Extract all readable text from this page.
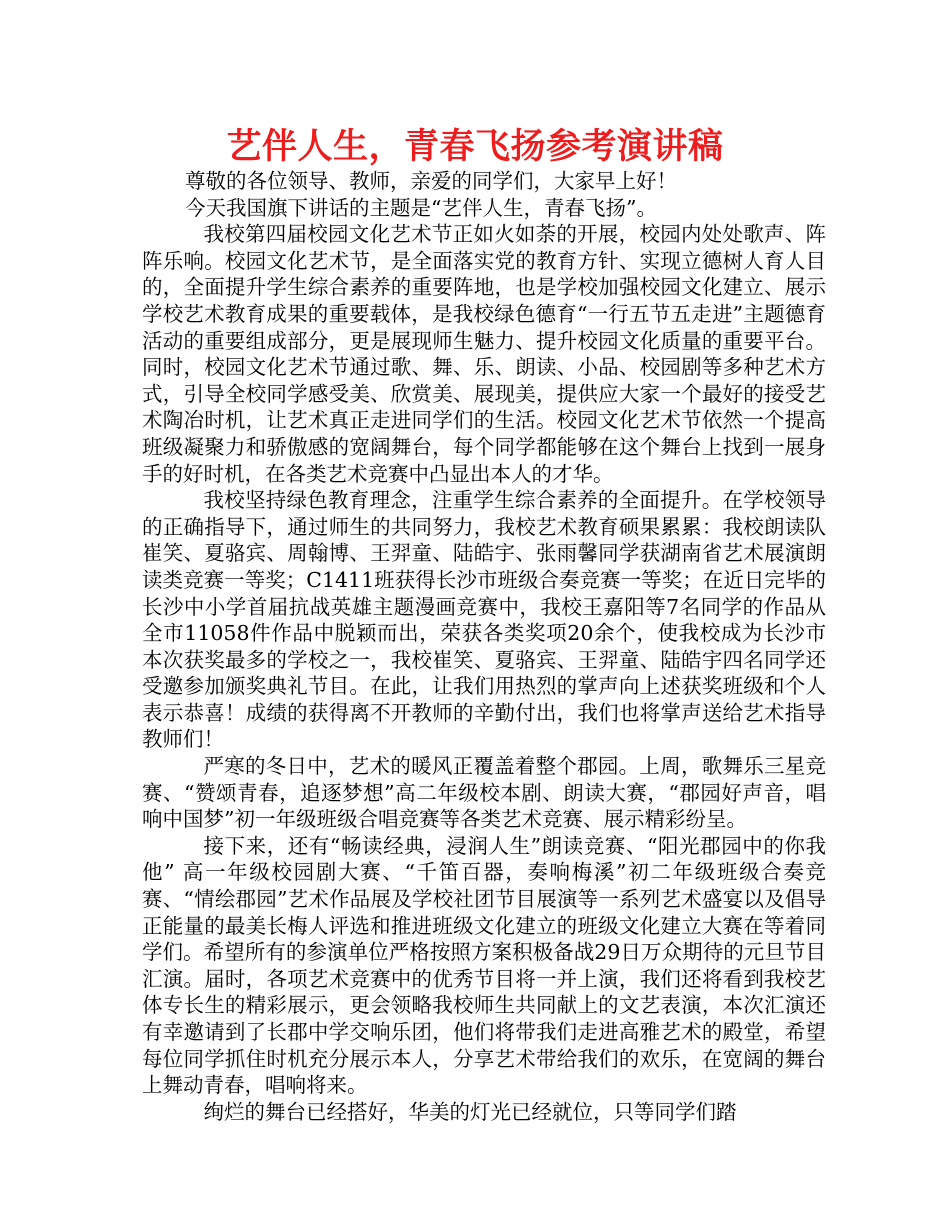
艺伴人生，青春飞扬参考演讲稿

尊敬的各位领导、教师，亲爱的同学们，大家早上好！

今天我国旗下讲话的主题是“艺伴人生，青春飞扬”。

我校第四届校园文化艺术节正如火如荼的开展，校园内处处歌声、阵阵乐响。校园文化艺术节，是全面落实党的教育方针、实现立德树人育人目的，全面提升学生综合素养的重要阵地，也是学校加强校园文化建立、展示学校艺术教育成果的重要载体，是我校绿色德育“一行五节五走进”主题德育活动的重要组成部分，更是展现师生魅力、提升校园文化质量的重要平台。同时，校园文化艺术节通过歌、舞、乐、朗读、小品、校园剧等多种艺术方式，引导全校同学感受美、欣赏美、展现美，提供应大家一个最好的接受艺术陶冶时机，让艺术真正走进同学们的生活。校园文化艺术节依然一个提高班级凝聚力和骄傲感的宽阔舞台，每个同学都能够在这个舞台上找到一展身手的好时机，在各类艺术竞赛中凸显出本人的才华。

我校坚持绿色教育理念，注重学生综合素养的全面提升。在学校领导的正确指导下，通过师生的共同努力，我校艺术教育硕果累累：我校朗读队崔笑、夏骆宾、周翰博、王羿童、陆皓宇、张雨馨同学获湖南省艺术展演朗读类竞赛一等奖；C1411班获得长沙市班级合奏竞赛一等奖；在近日完毕的长沙中小学首届抗战英雄主题漫画竞赛中，我校王嘉阳等7名同学的作品从全市11058件作品中脱颖而出，荣获各类奖项20余个，使我校成为长沙市本次获奖最多的学校之一，我校崔笑、夏骆宾、王羿童、陆皓宇四名同学还受邀参加颁奖典礼节目。在此，让我们用热烈的掌声向上述获奖班级和个人表示恭喜！成绩的获得离不开教师的辛勤付出，我们也将掌声送给艺术指导教师们！

严寒的冬日中，艺术的暖风正覆盖着整个郡园。上周，歌舞乐三星竞赛、“赞颂青春，追逐梦想”高二年级校本剧、朗读大赛，“郡园好声音，唱响中国梦”初一年级班级合唱竞赛等各类艺术竞赛、展示精彩纷呈。

接下来，还有“畅读经典，浸润人生”朗读竞赛、“阳光郡园中的你我他” 高一年级校园剧大赛、“千笛百器，奏响梅溪”初二年级班级合奏竞赛、“情绘郡园”艺术作品展及学校社团节目展演等一系列艺术盛宴以及倡导正能量的最美长梅人评选和推进班级文化建立的班级文化建立大赛在等着同学们。希望所有的参演单位严格按照方案积极备战29日万众期待的元旦节目汇演。届时，各项艺术竞赛中的优秀节目将一并上演，我们还将看到我校艺体专长生的精彩展示，更会领略我校师生共同献上的文艺表演，本次汇演还有幸邀请到了长郡中学交响乐团，他们将带我们走进高雅艺术的殿堂，希望每位同学抓住时机充分展示本人，分享艺术带给我们的欢乐，在宽阔的舞台上舞动青春，唱响将来。

绚烂的舞台已经搭好，华美的灯光已经就位，只等同学们踏
